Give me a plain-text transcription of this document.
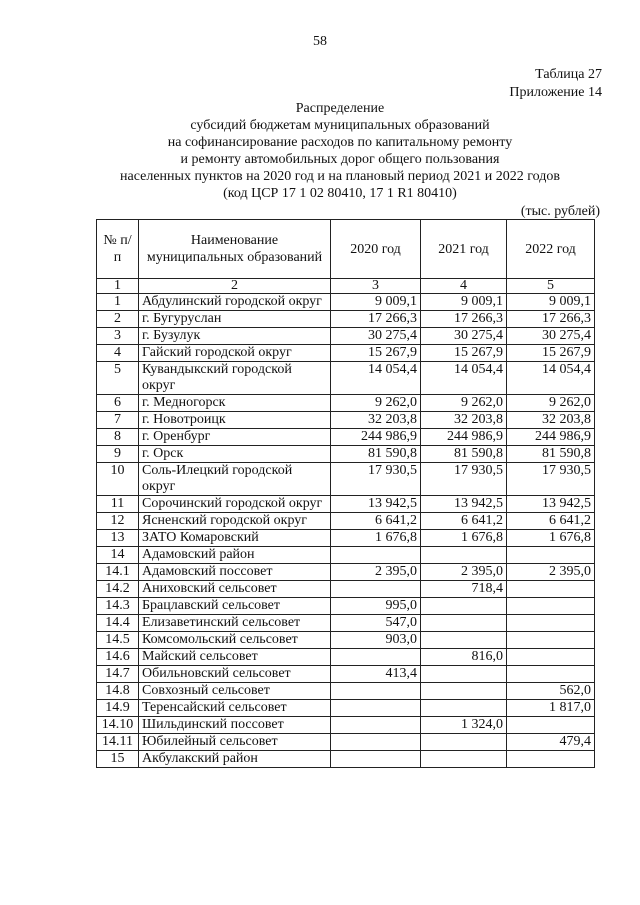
58
Таблица 27
Приложение 14
Распределение
субсидий бюджетам муниципальных образований
на софинансирование расходов по капитальному ремонту
и ремонту автомобильных дорог общего пользования
населенных пунктов на 2020 год и на плановый период 2021 и 2022 годов
(код ЦСР 17 1 02 80410, 17 1 R1 80410)
(тыс. рублей)
№ п/п	Наименование муниципальных образований	2020 год	2021 год	2022 год
1	2	3	4	5
1	Абдулинский городской округ	9 009,1	9 009,1	9 009,1
2	г. Бугуруслан	17 266,3	17 266,3	17 266,3
3	г. Бузулук	30 275,4	30 275,4	30 275,4
4	Гайский городской округ	15 267,9	15 267,9	15 267,9
5	Кувандыкский городской округ	14 054,4	14 054,4	14 054,4
6	г. Медногорск	9 262,0	9 262,0	9 262,0
7	г. Новотроицк	32 203,8	32 203,8	32 203,8
8	г. Оренбург	244 986,9	244 986,9	244 986,9
9	г. Орск	81 590,8	81 590,8	81 590,8
10	Соль-Илецкий городской округ	17 930,5	17 930,5	17 930,5
11	Сорочинский городской округ	13 942,5	13 942,5	13 942,5
12	Ясненский городской округ	6 641,2	6 641,2	6 641,2
13	ЗАТО Комаровский	1 676,8	1 676,8	1 676,8
14	Адамовский район			
14.1	Адамовский поссовет	2 395,0	2 395,0	2 395,0
14.2	Аниховский сельсовет		718,4	
14.3	Брацлавский сельсовет	995,0		
14.4	Елизаветинский сельсовет	547,0		
14.5	Комсомольский сельсовет	903,0		
14.6	Майский сельсовет		816,0	
14.7	Обильновский сельсовет	413,4		
14.8	Совхозный сельсовет			562,0
14.9	Теренсайский сельсовет			1 817,0
14.10	Шильдинский поссовет		1 324,0	
14.11	Юбилейный сельсовет			479,4
15	Акбулакский район			
